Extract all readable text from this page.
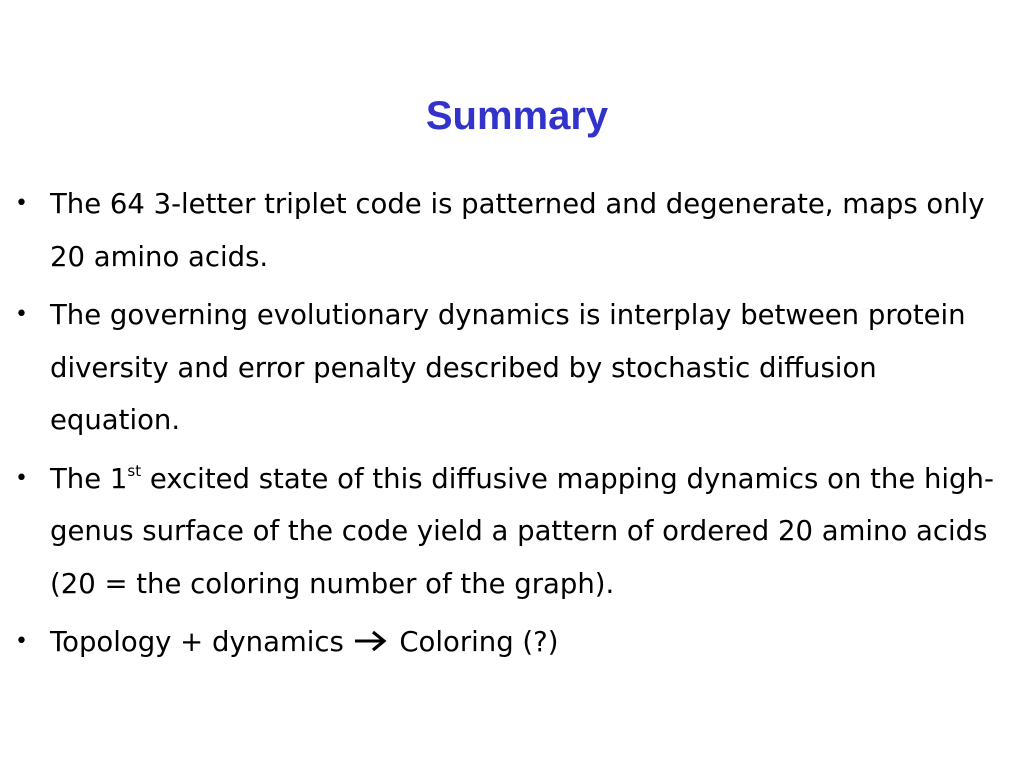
Summary
• The 64 3-letter triplet code is patterned and degenerate, maps only 20 amino acids.
• The governing evolutionary dynamics is interplay between protein diversity and error penalty described by stochastic diffusion equation.
• The 1st excited state of this diffusive mapping dynamics on the high-genus surface of the code yield a pattern of ordered 20 amino acids (20 = the coloring number of the graph).
• Topology + dynamics  Coloring (?)
